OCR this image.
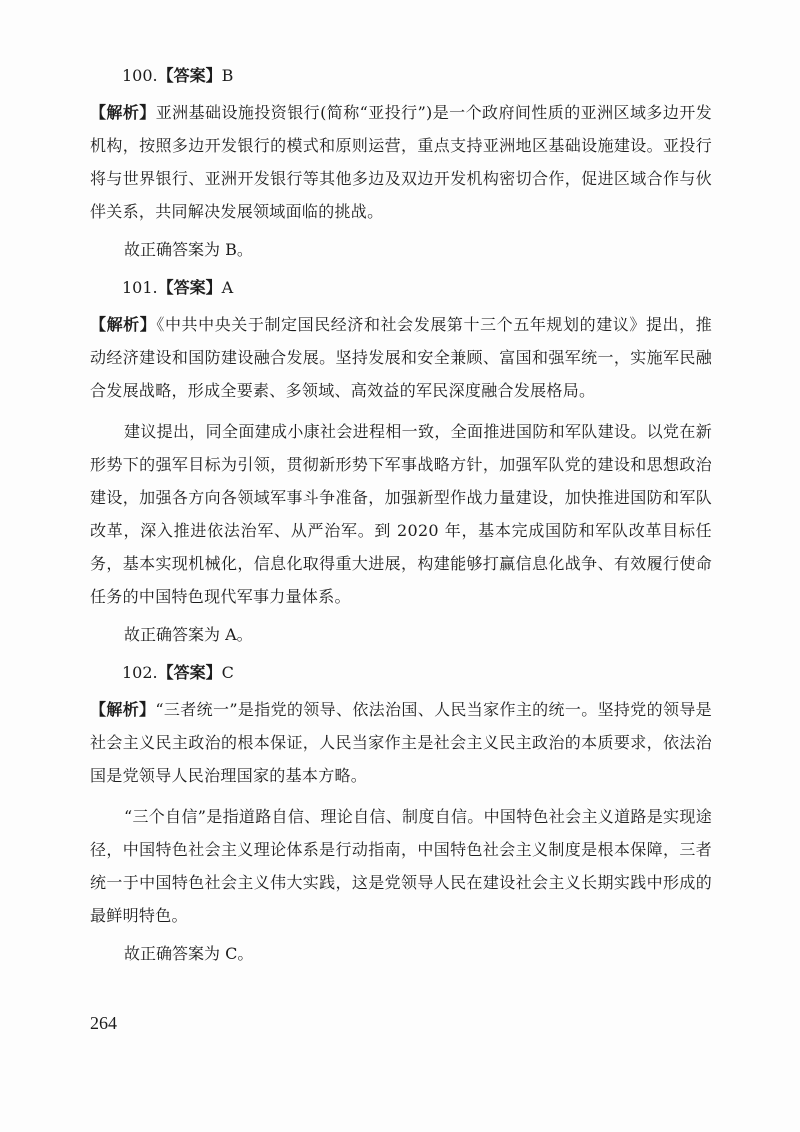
100.【答案】B
【解析】亚洲基础设施投资银行(简称“亚投行”)是一个政府间性质的亚洲区域多边开发机构，按照多边开发银行的模式和原则运营，重点支持亚洲地区基础设施建设。亚投行将与世界银行、亚洲开发银行等其他多边及双边开发机构密切合作，促进区域合作与伙伴关系，共同解决发展领域面临的挑战。
故正确答案为 B。
101.【答案】A
【解析】《中共中央关于制定国民经济和社会发展第十三个五年规划的建议》提出，推动经济建设和国防建设融合发展。坚持发展和安全兼顾、富国和强军统一，实施军民融合发展战略，形成全要素、多领域、高效益的军民深度融合发展格局。
建议提出，同全面建成小康社会进程相一致，全面推进国防和军队建设。以党在新形势下的强军目标为引领，贯彻新形势下军事战略方针，加强军队党的建设和思想政治建设，加强各方向各领域军事斗争准备，加强新型作战力量建设，加快推进国防和军队改革，深入推进依法治军、从严治军。到 2020 年，基本完成国防和军队改革目标任务，基本实现机械化，信息化取得重大进展，构建能够打赢信息化战争、有效履行使命任务的中国特色现代军事力量体系。
故正确答案为 A。
102.【答案】C
【解析】“三者统一”是指党的领导、依法治国、人民当家作主的统一。坚持党的领导是社会主义民主政治的根本保证，人民当家作主是社会主义民主政治的本质要求，依法治国是党领导人民治理国家的基本方略。
“三个自信”是指道路自信、理论自信、制度自信。中国特色社会主义道路是实现途径，中国特色社会主义理论体系是行动指南，中国特色社会主义制度是根本保障，三者统一于中国特色社会主义伟大实践，这是党领导人民在建设社会主义长期实践中形成的最鲜明特色。
故正确答案为 C。
264
